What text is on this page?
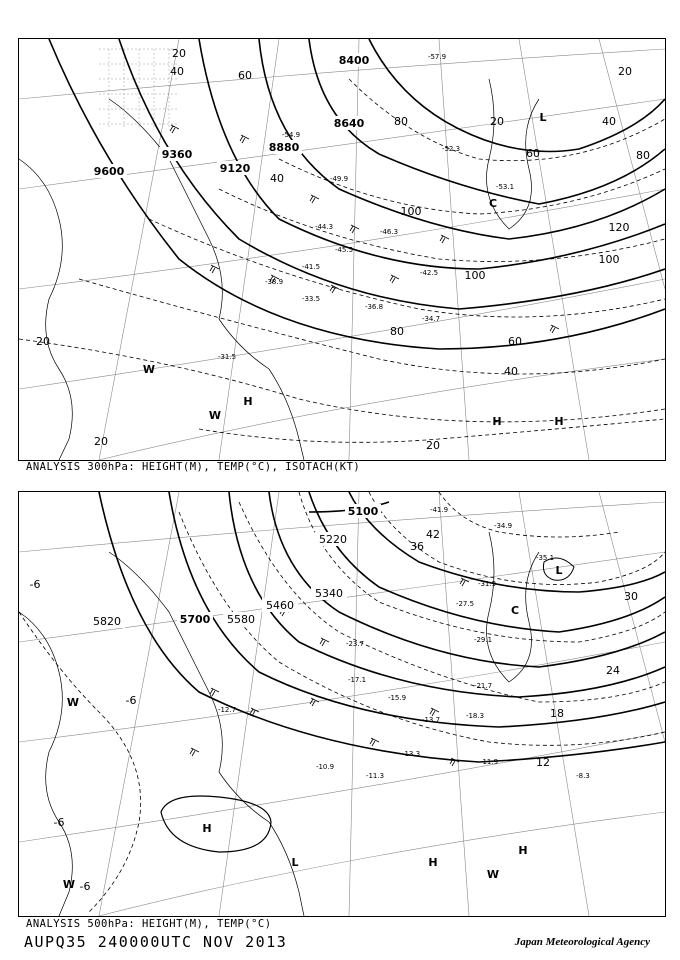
9600
9360
9120
8880
8640
8400
20
20	20
20
20
20
40
40
40
40
60
60
60
80
80
80
100
100
100
120
-31.5
-33.5
-34.7
-36.8
-38.9
-41.5
-42.5
-44.3
-45.5
-46.3
-49.9
-52.3
-53.1
-54.9
-57.9
H
H	H
L
C
W
W
ANALYSIS 300hPa: HEIGHT(M), TEMP(°C), ISOTACH(KT)
5820	5700 5580
5460
5340
5220
5100
-6
-6
-6
-6
12
18
24
30
36
42
-8.3
-10.9
-11.3
-11.9
-12.7
-13.3
-13.7
-15.9
-17.1
-18.3
-21.7
-23.7
-27.5
-29.1
-31.9
-34.9
-35.1
-41.9
H
H
H
L
L
C
W
W
W
ANALYSIS 500hPa: HEIGHT(M), TEMP(°C)
AUPQ35 240000UTC NOV 2013	Japan Meteorological Agency
